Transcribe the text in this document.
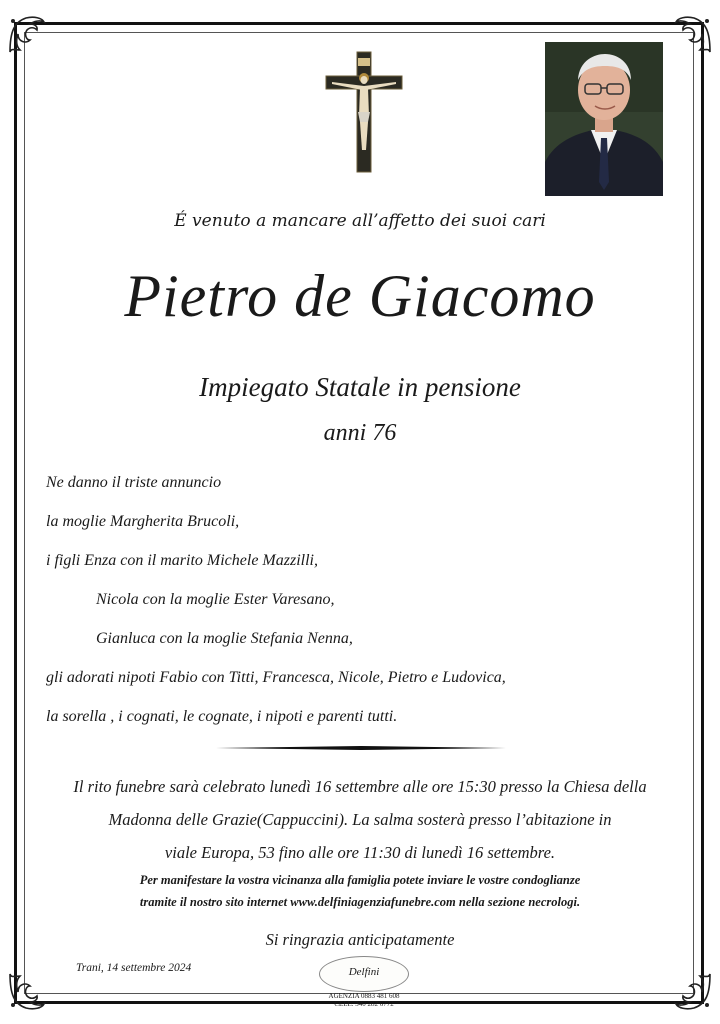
É venuto a mancare all’affetto dei suoi cari
Pietro de Giacomo
Impiegato Statale in pensione
anni 76
Ne danno il triste annuncio
la moglie Margherita Brucoli,
i figli Enza con il marito Michele Mazzilli,
Nicola con la moglie Ester Varesano,
Gianluca con la moglie Stefania Nenna,
gli adorati nipoti Fabio con Titti, Francesca, Nicole, Pietro e Ludovica,
la sorella , i cognati, le cognate, i nipoti e parenti tutti.
Il rito funebre sarà celebrato lunedì 16 settembre alle ore 15:30 presso la Chiesa della
Madonna delle Grazie(Cappuccini). La salma sosterà presso l’abitazione in
viale Europa, 53 fino alle ore 11:30 di lunedì 16 settembre.
Per manifestare la vostra vicinanza alla famiglia potete inviare le vostre condoglianze
tramite il nostro sito internet www.delfiniagenziafunebre.com nella sezione necrologi.
Si ringrazia anticipatamente
Trani, 14 settembre 2024	Delfini
AGENZIA 0883 481 608
CELL. 340 282 6772
